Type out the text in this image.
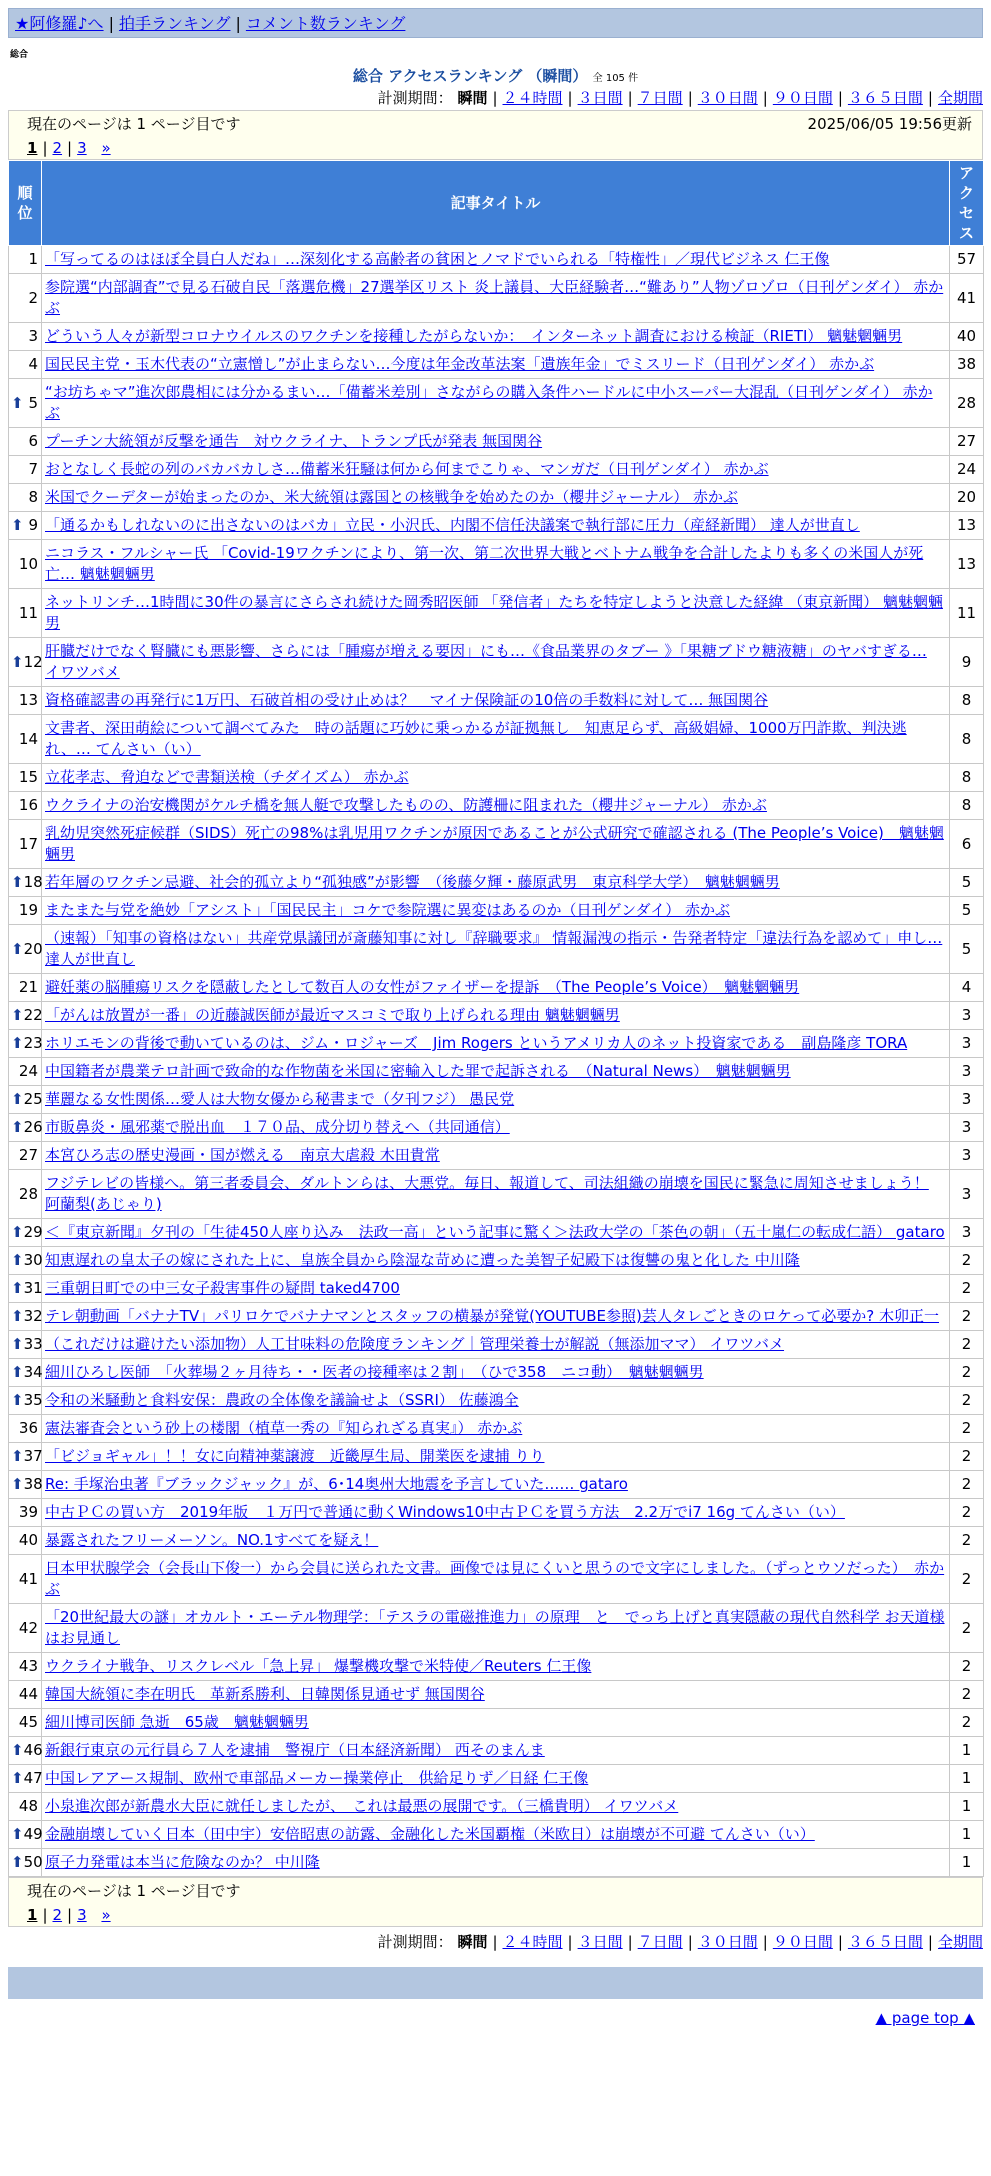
★阿修羅♪へ | 拍手ランキング | コメント数ランキング
総合
総合 アクセスランキング （瞬間） 全 105 件
計測期間： 瞬間 | ２４時間 | ３日間 | ７日間 | ３０日間 | ９０日間 | ３６５日間 | 全期間
現在のページは 1 ページ目です	2025/06/05 19:56更新
1 | 2 | 3 »
順位	記事タイトル	アクセス
1	「写ってるのはほぼ全員白人だね」…深刻化する高齢者の貧困とノマドでいられる「特権性」／現代ビジネス 仁王像	57
2	参院選“内部調査”で見る石破自民「落選危機」27選挙区リスト 炎上議員、大臣経験者…“難あり”人物ゾロゾロ（日刊ゲンダイ） 赤かぶ	41
3	どういう人々が新型コロナウイルスのワクチンを接種したがらないか：　インターネット調査における検証（RIETI） 魑魅魍魎男	40
4	国民民主党・玉木代表の“立憲憎し”が止まらない…今度は年金改革法案「遺族年金」でミスリード（日刊ゲンダイ） 赤かぶ	38

⬆ 5	“お坊ちゃマ”進次郎農相には分かるまい…「備蓄米差別」さながらの購入条件ハードルに中小スーパー大混乱（日刊ゲンダイ） 赤かぶ	28
6	プーチン大統領が反撃を通告　対ウクライナ、トランプ氏が発表 無国関谷	27
7	おとなしく長蛇の列のバカバカしさ…備蓄米狂騒は何から何までこりゃ、マンガだ（日刊ゲンダイ） 赤かぶ	24
8	米国でクーデターが始まったのか、米大統領は露国との核戦争を始めたのか（櫻井ジャーナル） 赤かぶ	20

⬆ 9	「通るかもしれないのに出さないのはバカ」立民・小沢氏、内閣不信任決議案で執行部に圧力（産経新聞） 達人が世直し	13
10	ニコラス・フルシャー氏 「Covid-19ワクチンにより、第一次、第二次世界大戦とベトナム戦争を合計したよりも多くの米国人が死亡… 魑魅魍魎男	13
11	ネットリンチ…1時間に30件の暴言にさらされ続けた岡秀昭医師 「発信者」たちを特定しようと決意した経緯 （東京新聞） 魑魅魍魎男	11

⬆ 12	肝臓だけでなく腎臓にも悪影響、さらには「腫瘍が増える要因」にも…《食品業界のタブー 》「果糖ブドウ糖液糖」のヤバすぎる… イワツバメ	9
13	資格確認書の再発行に1万円、石破首相の受け止めは？　マイナ保険証の10倍の手数料に対して… 無国関谷	8
14	文書者、深田萌絵について調べてみた　時の話題に巧妙に乗っかるが証拠無し　知恵足らず、高級娼婦、1000万円詐欺、判決逃れ、… てんさい（い）	8
15	立花孝志、脅迫などで書類送検（チダイズム） 赤かぶ	8
16	ウクライナの治安機関がケルチ橋を無人艇で攻撃したものの、防護柵に阻まれた（櫻井ジャーナル） 赤かぶ	8
17	乳幼児突然死症候群（SIDS）死亡の98%は乳児用ワクチンが原因であることが公式研究で確認される (The People’s Voice)　魑魅魍魎男	6

⬆ 18	若年層のワクチン忌避、社会的孤立より“孤独感”が影響　（後藤夕輝・藤原武男　東京科学大学）　魑魅魍魎男	5
19	またまた与党を絶妙「アシスト」「国民民主」コケで参院選に異変はあるのか（日刊ゲンダイ） 赤かぶ	5

⬆ 20	（速報）「知事の資格はない」共産党県議団が斎藤知事に対し『辞職要求』 情報漏洩の指示・告発者特定「違法行為を認めて」申し… 達人が世直し	5
21	避妊薬の脳腫瘍リスクを隠蔽したとして数百人の女性がファイザーを提訴　（The People’s Voice）　魑魅魍魎男	4

⬆ 22	「がんは放置が一番」の近藤誠医師が最近マスコミで取り上げられる理由 魑魅魍魎男	3

⬆ 23	ホリエモンの背後で動いているのは、ジム・ロジャーズ　Jim Rogers というアメリカ人のネット投資家である　副島隆彦 TORA	3
24	中国籍者が農業テロ計画で致命的な作物菌を米国に密輸入した罪で起訴される　（Natural News）　魑魅魍魎男	3

⬆ 25	華麗なる女性関係…愛人は大物女優から秘書まで（夕刊フジ） 愚民党	3

⬆ 26	市販鼻炎・風邪薬で脱出血　１７０品、成分切り替えへ（共同通信）	3
27	本宮ひろ志の歴史漫画・国が燃える　南京大虐殺 木田貴常	3
28	フジテレビの皆様へ。第三者委員会、ダルトンらは、大悪党。毎日、報道して、司法組織の崩壊を国民に緊急に周知させましょう！ 阿蘭梨(あじゃり)	3

⬆ 29	＜『東京新聞』夕刊の「生徒450人座り込み　法政一高」という記事に驚く＞法政大学の「茶色の朝」（五十嵐仁の転成仁語） gataro	3

⬆ 30	知恵遅れの皇太子の嫁にされた上に、皇族全員から陰湿な苛めに遭った美智子妃殿下は復讐の鬼と化した 中川隆	2

⬆ 31	三重朝日町での中三女子殺害事件の疑問 taked4700	2

⬆ 32	テレ朝動画「バナナTV」パリロケでバナナマンとスタッフの横暴が発覚(YOUTUBE参照)芸人タレごときのロケって必要か? 木卯正一	2

⬆ 33	（これだけは避けたい添加物）人工甘味料の危険度ランキング｜管理栄養士が解説（無添加ママ） イワツバメ	2

⬆ 34	細川ひろし医師　「火葬場２ヶ月待ち・・医者の接種率は２割」　（ひで358　ニコ動）　魑魅魍魎男	2

⬆ 35	令和の米騒動と食料安保：農政の全体像を議論せよ（SSRI） 佐藤鴻全	2
36	憲法審査会という砂上の楼閣（植草一秀の『知られざる真実』） 赤かぶ	2

⬆ 37	「ビジョギャル」！！女に向精神薬譲渡　近畿厚生局、開業医を逮捕 りり	2

⬆ 38	Re: 手塚治虫著『ブラックジャック』が、6･14奥州大地震を予言していた…… gataro	2
39	中古ＰＣの買い方　2019年版　１万円で普通に動くWindows10中古ＰＣを買う方法　2.2万でi7 16g てんさい（い）	2
40	暴露されたフリーメーソン。NO.1すべてを疑え！	2
41	日本甲状腺学会（会長山下俊一）から会員に送られた文書。画像では見にくいと思うので文字にしました。（ずっとウソだった）　赤かぶ	2
42	「20世紀最大の謎」オカルト・エーテル物理学：「テスラの電磁推進力」の原理　と　でっち上げと真実隠蔽の現代自然科学 お天道様はお見通し	2
43	ウクライナ戦争、リスクレベル「急上昇」 爆撃機攻撃で米特使／Reuters 仁王像	2
44	韓国大統領に李在明氏　革新系勝利、日韓関係見通せず 無国関谷	2
45	細川博司医師 急逝　65歳　魑魅魍魎男	2

⬆ 46	新銀行東京の元行員ら７人を逮捕　警視庁（日本経済新聞） 西そのまんま	1

⬆ 47	中国レアアース規制、欧州で車部品メーカー操業停止　供給足りず／日経 仁王像	1
48	小泉進次郎が新農水大臣に就任しましたが、　これは最悪の展開です。（三橋貴明） イワツバメ	1

⬆ 49	金融崩壊していく日本（田中宇）安倍昭恵の訪露、金融化した米国覇権（米欧日）は崩壊が不可避 てんさい（い）	1

⬆ 50	原子力発電は本当に危険なのか？ 中川隆	1
現在のページは 1 ページ目です
1 | 2 | 3 »
計測期間： 瞬間 | ２４時間 | ３日間 | ７日間 | ３０日間 | ９０日間 | ３６５日間 | 全期間
▲ page top ▲
